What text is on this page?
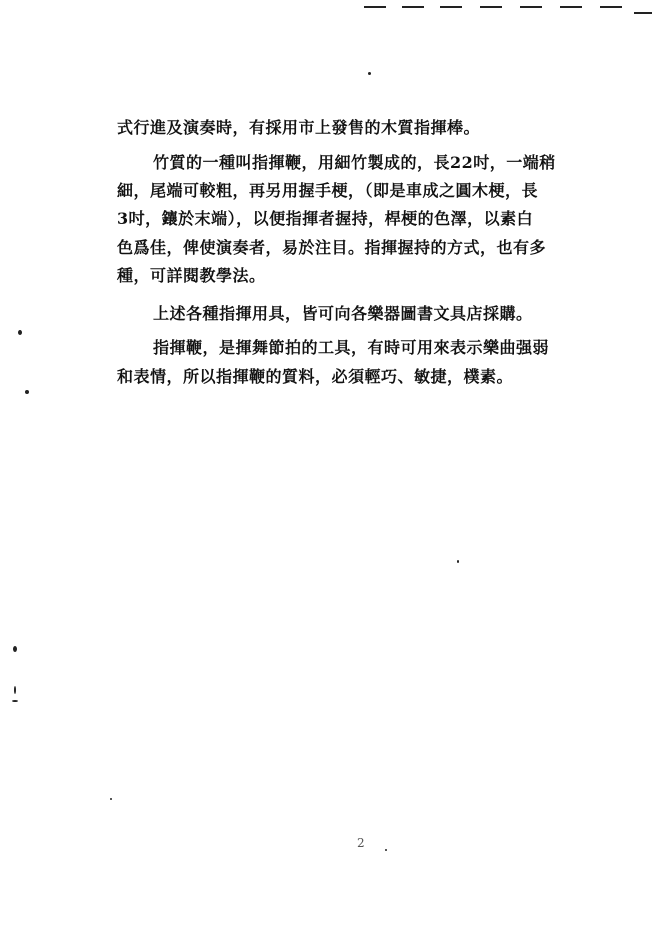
式行進及演奏時，有採用市上發售的木質指揮棒。
竹質的一種叫指揮鞭，用細竹製成的，長22吋，一端稍
細，尾端可較粗，再另用握手梗，（即是車成之圓木梗，長
3吋，鑲於末端），以便指揮者握持，桿梗的色澤，以素白
色爲佳，俾使演奏者，易於注目。指揮握持的方式，也有多
種，可詳閱教學法。
上述各種指揮用具，皆可向各樂器圖書文具店採購。
指揮鞭，是揮舞節拍的工具，有時可用來表示樂曲强弱
和表情，所以指揮鞭的質料，必須輕巧、敏捷，樸素。
2
